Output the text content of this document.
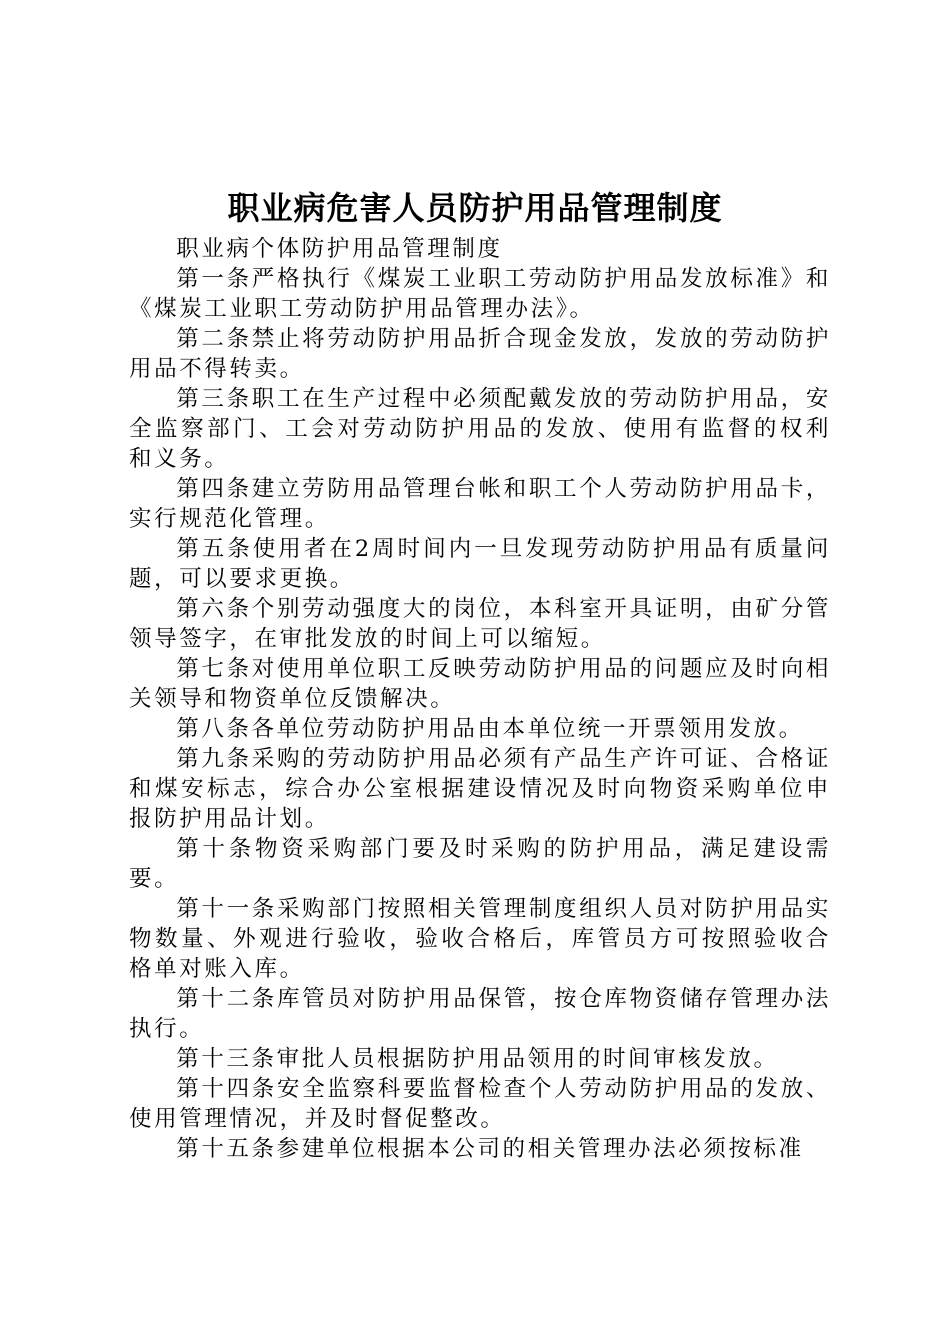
职业病危害人员防护用品管理制度

职业病个体防护用品管理制度

第一条严格执行《煤炭工业职工劳动防护用品发放标准》和《煤炭工业职工劳动防护用品管理办法》。

第二条禁止将劳动防护用品折合现金发放，发放的劳动防护用品不得转卖。

第三条职工在生产过程中必须配戴发放的劳动防护用品，安全监察部门、工会对劳动防护用品的发放、使用有监督的权利和义务。

第四条建立劳防用品管理台帐和职工个人劳动防护用品卡，实行规范化管理。

第五条使用者在2周时间内一旦发现劳动防护用品有质量问题，可以要求更换。

第六条个别劳动强度大的岗位，本科室开具证明，由矿分管领导签字，在审批发放的时间上可以缩短。

第七条对使用单位职工反映劳动防护用品的问题应及时向相关领导和物资单位反馈解决。

第八条各单位劳动防护用品由本单位统一开票领用发放。

第九条采购的劳动防护用品必须有产品生产许可证、合格证和煤安标志，综合办公室根据建设情况及时向物资采购单位申报防护用品计划。

第十条物资采购部门要及时采购的防护用品，满足建设需要。

第十一条采购部门按照相关管理制度组织人员对防护用品实物数量、外观进行验收，验收合格后，库管员方可按照验收合格单对账入库。

第十二条库管员对防护用品保管，按仓库物资储存管理办法执行。

第十三条审批人员根据防护用品领用的时间审核发放。

第十四条安全监察科要监督检查个人劳动防护用品的发放、使用管理情况，并及时督促整改。

第十五条参建单位根据本公司的相关管理办法必须按标准
